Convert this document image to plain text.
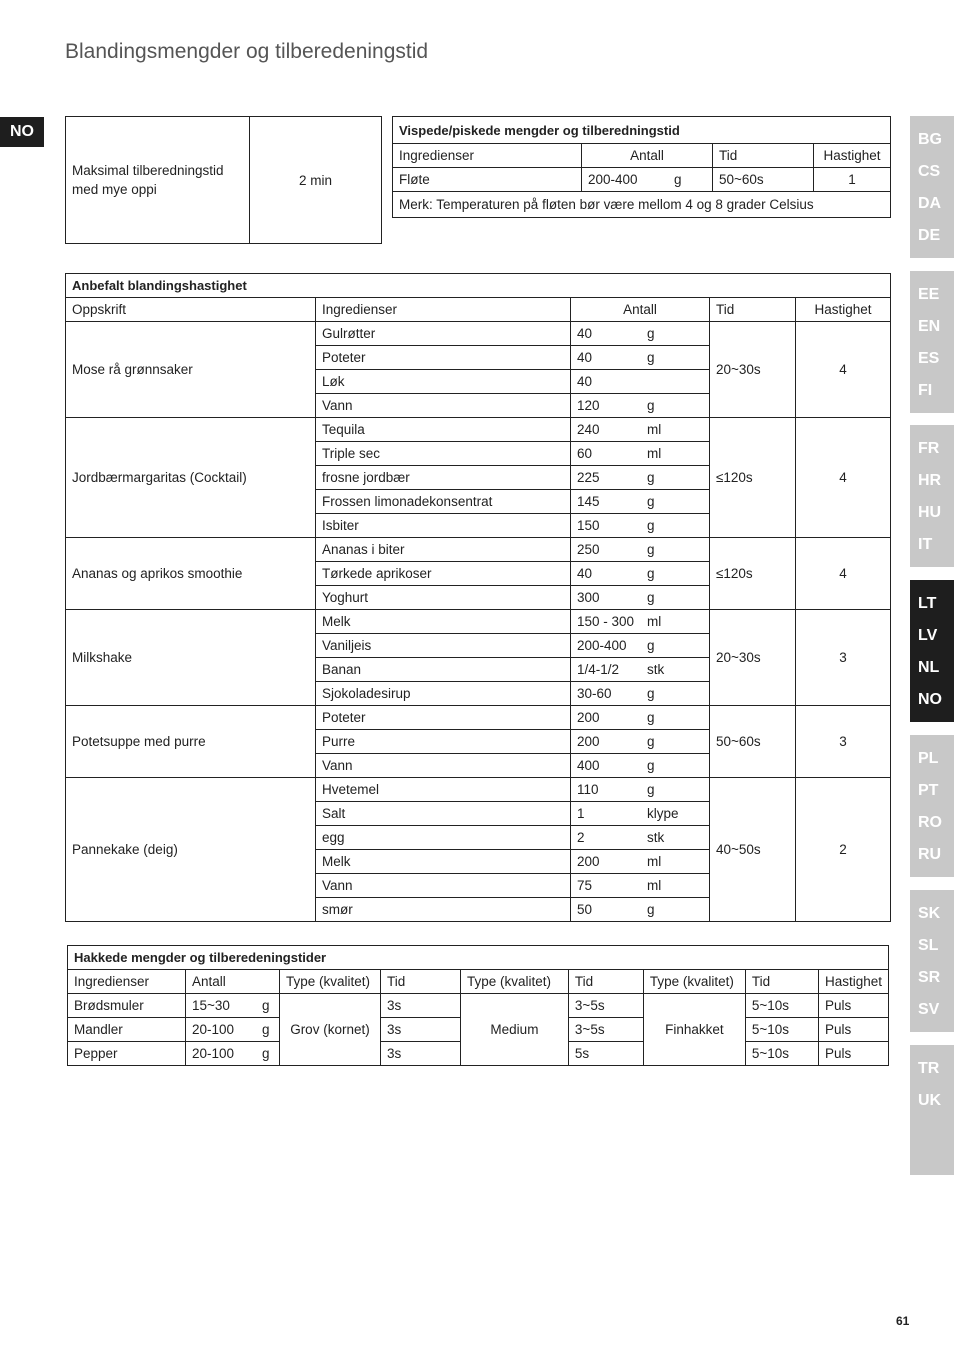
Blandingsmengder og tilberedeningstid
NO
Maksimal tilberedningstid med mye oppi	2 min
Vispede/piskede mengder og tilberedningstid			
Ingredienser	Antall	Tid	Hastighet
Fløte	200-400 g	50~60s	1
Merk: Temperaturen på fløten bør være mellom 4 og 8 grader Celsius			
Anbefalt blandingshastighet				
Oppskrift	Ingredienser	Antall	Tid	Hastighet
Mose rå grønnsaker	Gulrøtter	40 g	20~30s	4
	Poteter	40 g		

	Løk	40		

	Vann	120 g		

Jordbærmargaritas (Cocktail)	Tequila	240 ml	≤120s	4
	Triple sec	60 ml		

	frosne jordbær	225 g		

	Frossen limonadekonsentrat	145 g		

	Isbiter	150 g		

Ananas og aprikos smoothie	Ananas i biter	250 g	≤120s	4
	Tørkede aprikoser	40 g		

	Yoghurt	300 g		

Milkshake	Melk	150 - 300 ml	20~30s	3
	Vaniljeis	200-400 g		

	Banan	1/4-1/2 stk		

	Sjokoladesirup	30-60 g		

Potetsuppe med purre	Poteter	200 g	50~60s	3
	Purre	200 g		

	Vann	400 g		

Pannekake (deig)	Hvetemel	110 g	40~50s	2
	Salt	1 klype		

	egg	2 stk		

	Melk	200 ml		

	Vann	75 ml		

	smør	50 g		
Hakkede mengder og tilberedeningstider								
Ingredienser	Antall	Type (kvalitet)	Tid	Type (kvalitet)	Tid	Type (kvalitet)	Tid	Hastighet
Brødsmuler	15~30 g	Grov (kornet)	3s	Medium	3~5s	Finhakket	5~10s	Puls
Mandler	20-100 g		3s		3~5s		5~10s	Puls
Pepper	20-100 g		3s		5s		5~10s	Puls
BG
CS
DA
DE
EE
EN
ES
FI
FR
HR
HU
IT
LT
LV
NL
NO
PL
PT
RO
RU
SK
SL
SR
SV
TR
UK
61
